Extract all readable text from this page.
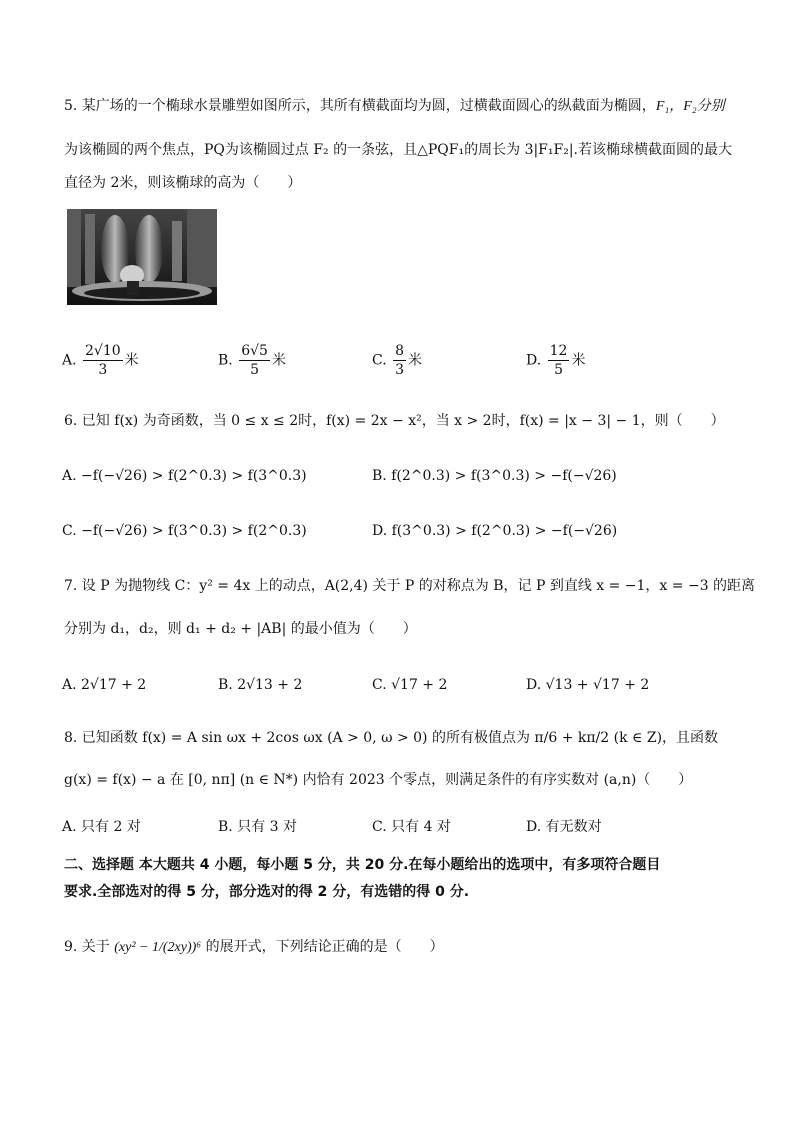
5. 某广场的一个椭球水景雕塑如图所示，其所有横截面均为圆，过横截面圆心的纵截面为椭圆，F₁，F₂分别
为该椭圆的两个焦点，PQ为该椭圆过点 F₂ 的一条弦，且△PQF₁的周长为 3|F₁F₂|.若该椭球横截面圆的最大
直径为 2米，则该椭球的高为（　　）
A. $\frac{2√10}{3}$ 米	B. $\frac{6√5}{5}$ 米	C. $\frac{8}{3}$ 米	D. $\frac{12}{5}$ 米
6. 已知 f(x) 为奇函数，当 0 ≤ x ≤ 2时，f(x) = 2x − x²，当 x > 2时，f(x) = |x − 3| − 1，则（　　）
A. −f(−√26) > f(2^0.3) > f(3^0.3)	B. f(2^0.3) > f(3^0.3) > −f(−√26)
C. −f(−√26) > f(3^0.3) > f(2^0.3)	D. f(3^0.3) > f(2^0.3) > −f(−√26)
7. 设 P 为抛物线 C：y² = 4x 上的动点，A(2,4) 关于 P 的对称点为 B，记 P 到直线 x = −1，x = −3 的距离
分别为 d₁，d₂，则 d₁ + d₂ + |AB| 的最小值为（　　）
A. 2√17 + 2	B. 2√13 + 2	C. √17 + 2	D. √13 + √17 + 2
8. 已知函数 f(x) = A sin ωx + 2cos ωx (A > 0, ω > 0) 的所有极值点为 π/6 + kπ/2 (k ∈ Z)，且函数
g(x) = f(x) − a 在 [0, nπ] (n ∈ N*) 内恰有 2023 个零点，则满足条件的有序实数对 (a,n)（　　）
A. 只有 2 对	B. 只有 3 对	C. 只有 4 对	D. 有无数对
二、选择题 本大题共 4 小题，每小题 5 分，共 20 分.在每小题给出的选项中，有多项符合题目
要求.全部选对的得 5 分，部分选对的得 2 分，有选错的得 0 分.
9. 关于 (xy² − 1/(2xy))⁶ 的展开式，下列结论正确的是（　　）
